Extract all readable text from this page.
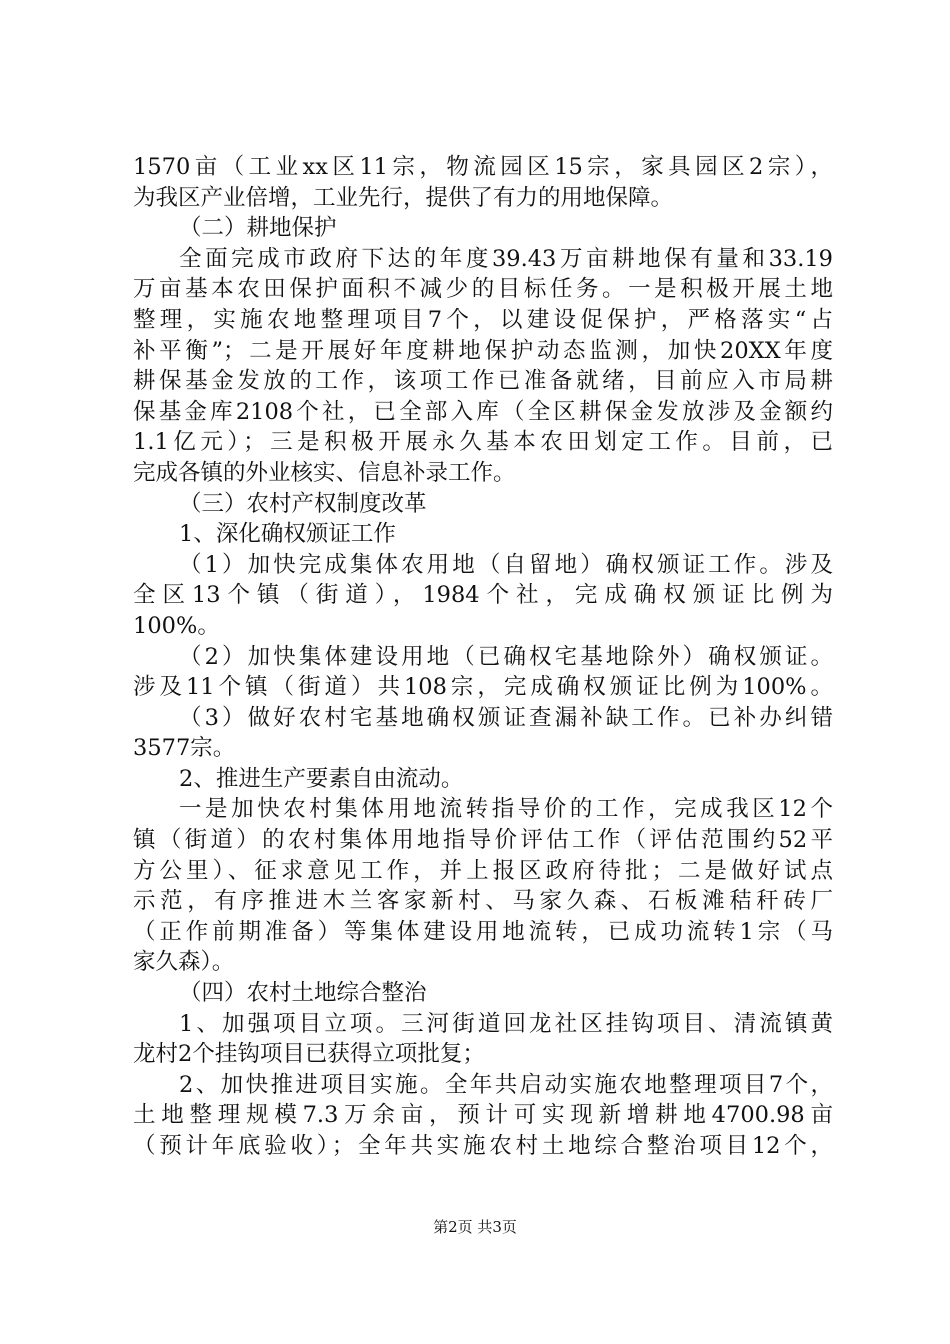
1570亩（工业xx区11宗，物流园区15宗，家具园区2宗），
为我区产业倍增，工业先行，提供了有力的用地保障。
（二）耕地保护
全面完成市政府下达的年度39.43万亩耕地保有量和33.19
万亩基本农田保护面积不减少的目标任务。一是积极开展土地
整理，实施农地整理项目7个，以建设促保护，严格落实“占
补平衡”；二是开展好年度耕地保护动态监测，加快20XX年度
耕保基金发放的工作，该项工作已准备就绪，目前应入市局耕
保基金库2108个社，已全部入库（全区耕保金发放涉及金额约
1.1亿元）；三是积极开展永久基本农田划定工作。目前，已
完成各镇的外业核实、信息补录工作。
（三）农村产权制度改革
1、深化确权颁证工作
（1）加快完成集体农用地（自留地）确权颁证工作。涉及
全区13个镇（街道），1984个社，完成确权颁证比例为
100%。
（2）加快集体建设用地（已确权宅基地除外）确权颁证。
涉及11个镇（街道）共108宗，完成确权颁证比例为100%。
（3）做好农村宅基地确权颁证查漏补缺工作。已补办纠错
3577宗。
2、推进生产要素自由流动。
一是加快农村集体用地流转指导价的工作，完成我区12个
镇（街道）的农村集体用地指导价评估工作（评估范围约52平
方公里）、征求意见工作，并上报区政府待批；二是做好试点
示范，有序推进木兰客家新村、马家久森、石板滩秸秆砖厂
（正作前期准备）等集体建设用地流转，已成功流转1宗（马
家久森）。
（四）农村土地综合整治
1、加强项目立项。三河街道回龙社区挂钩项目、清流镇黄
龙村2个挂钩项目已获得立项批复；
2、加快推进项目实施。全年共启动实施农地整理项目7个，
土地整理规模7.3万余亩，预计可实现新增耕地4700.98亩
（预计年底验收）；全年共实施农村土地综合整治项目12个，
第2页 共3页
